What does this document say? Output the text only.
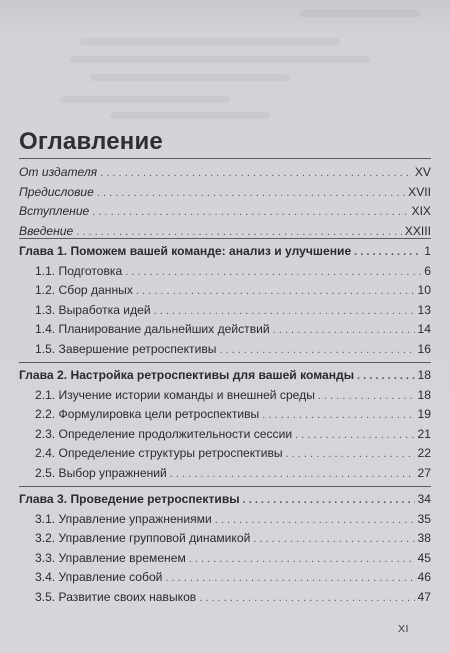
Оглавление
От издателя . . .	XV
Предисловие . . .	XVII
Вступление . . .	XIX
Введение . . .	XXIII
Глава 1. Поможем вашей команде: анализ и улучшение . . .	1
1.1. Подготовка . . .	6
1.2. Сбор данных . . .	10
1.3. Выработка идей . . .	13
1.4. Планирование дальнейших действий . . .	14
1.5. Завершение ретроспективы . . .	16
Глава 2. Настройка ретроспективы для вашей команды . . .	18
2.1. Изучение истории команды и внешней среды . . .	18
2.2. Формулировка цели ретроспективы . . .	19
2.3. Определение продолжительности сессии . . .	21
2.4. Определение структуры ретроспективы . . .	22
2.5. Выбор упражнений . . .	27
Глава 3. Проведение ретроспективы . . .	34
3.1. Управление упражнениями . . .	35
3.2. Управление групповой динамикой . . .	38
3.3. Управление временем . . .	45
3.4. Управление собой . . .	46
3.5. Развитие своих навыков . . .	47
XI
